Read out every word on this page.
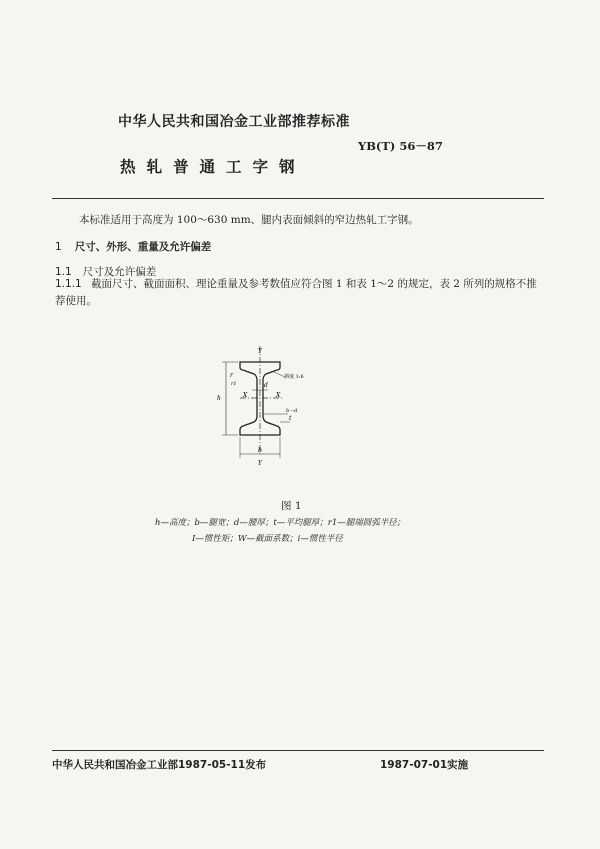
中华人民共和国冶金工业部推荐标准
YB(T) 56－87
热轧普通工字钢
本标准适用于高度为 100～630 mm、腿内表面倾斜的窄边热轧工字钢。
1 尺寸、外形、重量及允许偏差
1.1 尺寸及允许偏差
1.1.1 截面尺寸、截面面积、理论重量及参考数值应符合图 1 和表 1～2 的规定，表 2 所列的规格不推
荐使用。
Y
Y
X	X
r
r1
斜度 1:6
d
h
b－d
t
b
图 1
h—高度；b—腿宽；d—腰厚；t—平均腿厚；r1—腿端圆弧半径；
I—惯性矩；W—截面系数；i—惯性半径
中华人民共和国冶金工业部1987-05-11发布	1987-07-01实施
